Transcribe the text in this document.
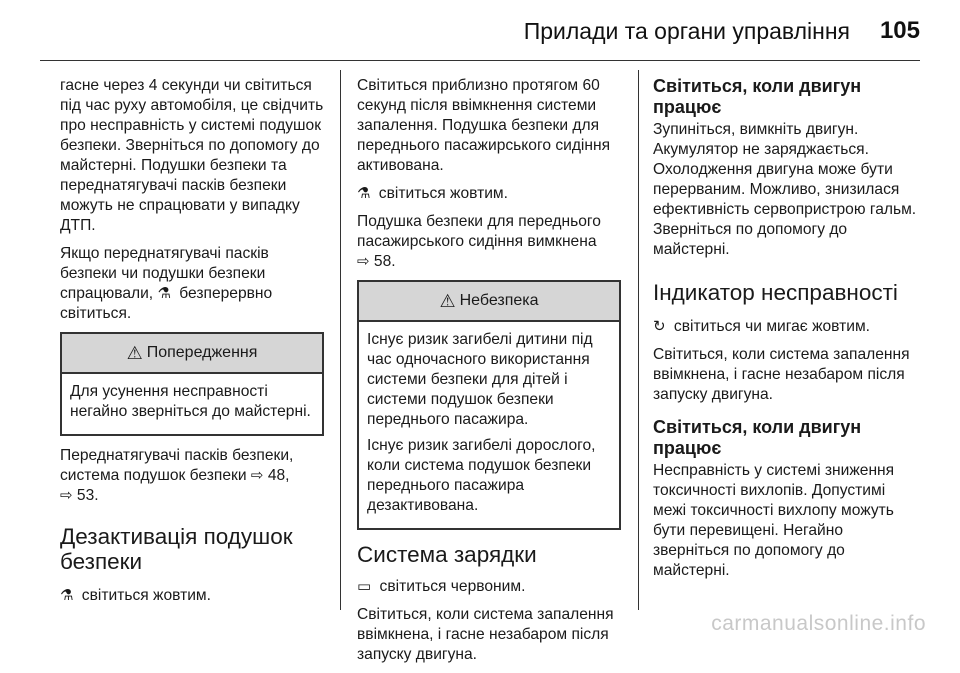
Прилади та органи управління 105

гасне через 4 секунди чи світиться під час руху автомобіля, це свідчить про несправність у системі подушок безпеки. Зверніться по допомогу до майстерні. Подушки безпеки та переднатягувачі пасків безпеки можуть не спрацювати у випадку ДТП.

Якщо переднатягувачі пасків безпеки чи подушки безпеки спрацювали, ⚗ безперервно світиться.

⚠ Попередження

Для усунення несправності негайно зверніться до майстерні.

Переднатягувачі пасків безпеки, система подушок безпеки ⇨ 48,
⇨ 53.

Дезактивація подушок безпеки

⚗ світиться жовтим.

Світиться приблизно протягом 60 секунд після ввімкнення системи запалення. Подушка безпеки для переднього пасажирського сидіння активована.

⚗ світиться жовтим.

Подушка безпеки для переднього пасажирського сидіння вимкнена
⇨ 58.

⚠ Небезпека

Існує ризик загибелі дитини під час одночасного використання системи безпеки для дітей і системи подушок безпеки переднього пасажира.

Існує ризик загибелі дорослого, коли система подушок безпеки переднього пасажира дезактивована.

Система зарядки

▭ світиться червоним.

Світиться, коли система запалення ввімкнена, і гасне незабаром після запуску двигуна.

Світиться, коли двигун працює

Зупиніться, вимкніть двигун. Акумулятор не заряджається. Охолодження двигуна може бути перерваним. Можливо, знизилася ефективність сервопристрою гальм. Зверніться по допомогу до майстерні.

Індикатор несправності

↻ світиться чи мигає жовтим.

Світиться, коли система запалення ввімкнена, і гасне незабаром після запуску двигуна.

Світиться, коли двигун працює

Несправність у системі зниження токсичності вихлопів. Допустимі межі токсичності вихлопу можуть бути перевищені. Негайно зверніться по допомогу до майстерні.

carmanualsonline.info
